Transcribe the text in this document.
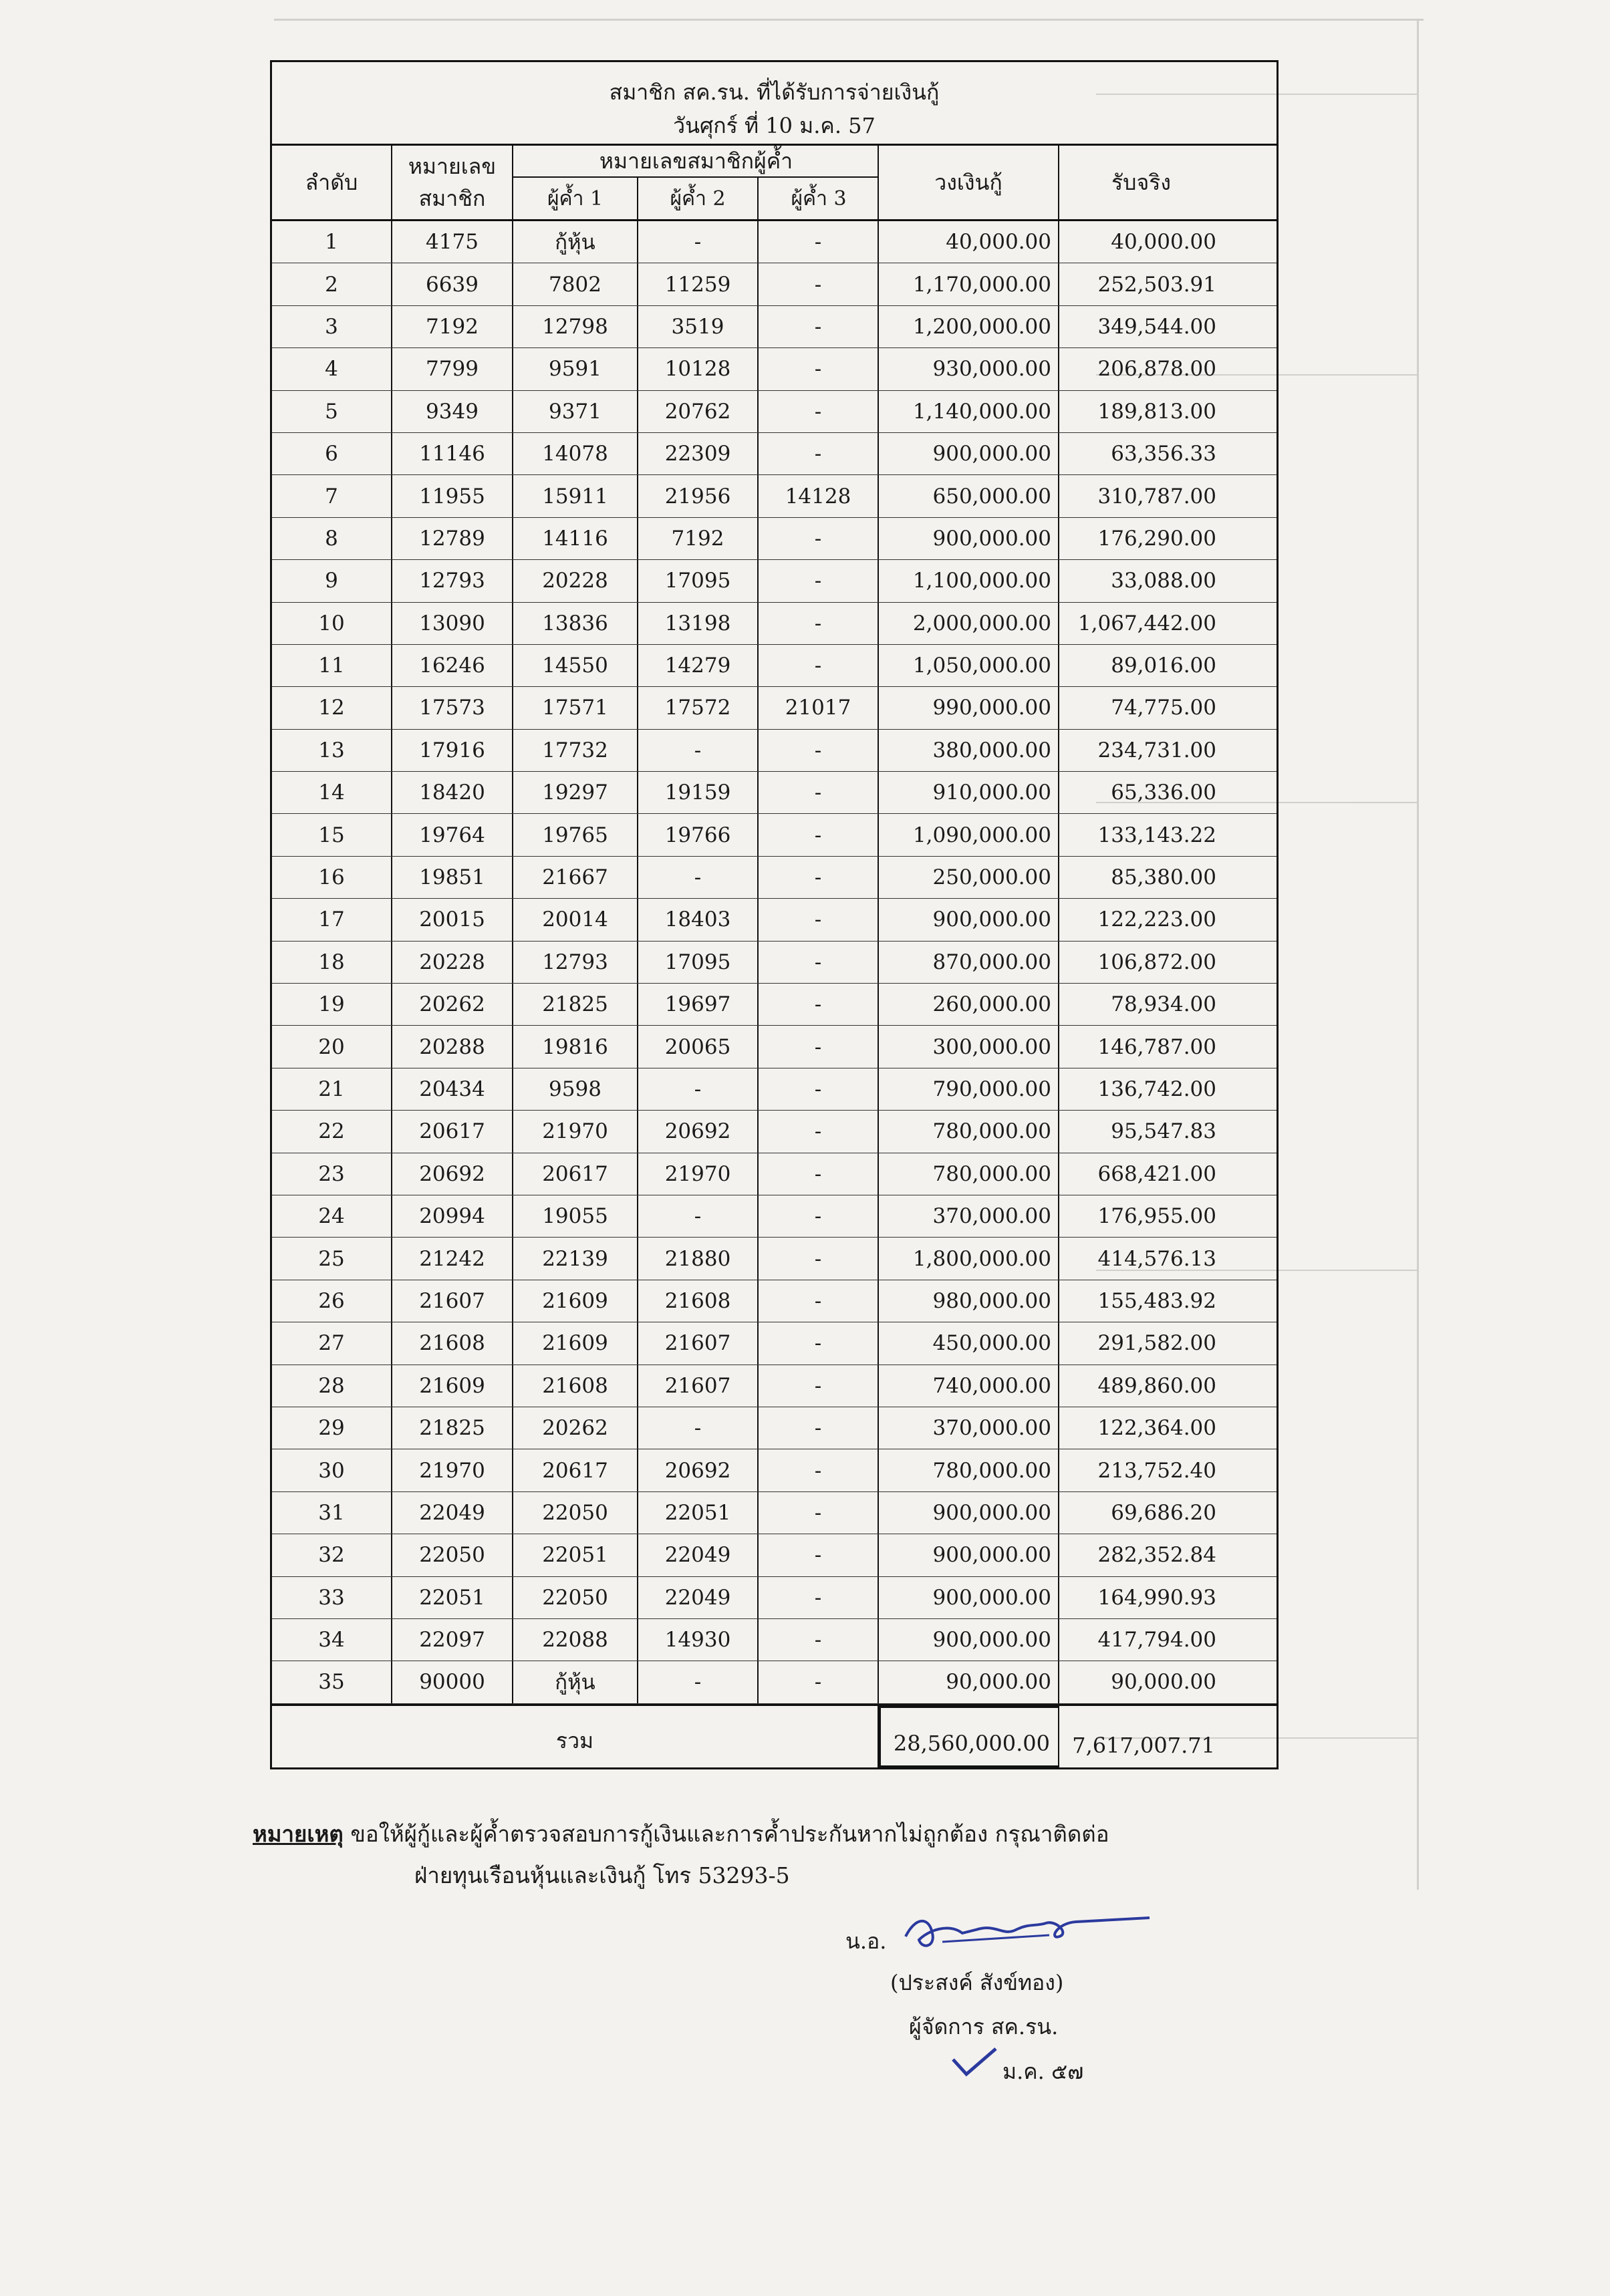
สมาชิก สค.รน. ที่ได้รับการจ่ายเงินกู้
วันศุกร์ ที่ 10 ม.ค. 57
ลำดับ
หมายเลข
สมาชิก
หมายเลขสมาชิกผู้ค้ำ
ผู้ค้ำ 1	ผู้ค้ำ 2	ผู้ค้ำ 3
วงเงินกู้	รับจริง
1	4175	กู้หุ้น	-	-	40,000.00	40,000.00
2	6639	7802	11259	-	1,170,000.00	252,503.91
3	7192	12798	3519	-	1,200,000.00	349,544.00
4	7799	9591	10128	-	930,000.00	206,878.00
5	9349	9371	20762	-	1,140,000.00	189,813.00
6	11146	14078	22309	-	900,000.00	63,356.33
7	11955	15911	21956	14128	650,000.00	310,787.00
8	12789	14116	7192	-	900,000.00	176,290.00
9	12793	20228	17095	-	1,100,000.00	33,088.00
10	13090	13836	13198	-	2,000,000.00	1,067,442.00
11	16246	14550	14279	-	1,050,000.00	89,016.00
12	17573	17571	17572	21017	990,000.00	74,775.00
13	17916	17732	-	-	380,000.00	234,731.00
14	18420	19297	19159	-	910,000.00	65,336.00
15	19764	19765	19766	-	1,090,000.00	133,143.22
16	19851	21667	-	-	250,000.00	85,380.00
17	20015	20014	18403	-	900,000.00	122,223.00
18	20228	12793	17095	-	870,000.00	106,872.00
19	20262	21825	19697	-	260,000.00	78,934.00
20	20288	19816	20065	-	300,000.00	146,787.00
21	20434	9598	-	-	790,000.00	136,742.00
22	20617	21970	20692	-	780,000.00	95,547.83
23	20692	20617	21970	-	780,000.00	668,421.00
24	20994	19055	-	-	370,000.00	176,955.00
25	21242	22139	21880	-	1,800,000.00	414,576.13
26	21607	21609	21608	-	980,000.00	155,483.92
27	21608	21609	21607	-	450,000.00	291,582.00
28	21609	21608	21607	-	740,000.00	489,860.00
29	21825	20262	-	-	370,000.00	122,364.00
30	21970	20617	20692	-	780,000.00	213,752.40
31	22049	22050	22051	-	900,000.00	69,686.20
32	22050	22051	22049	-	900,000.00	282,352.84
33	22051	22050	22049	-	900,000.00	164,990.93
34	22097	22088	14930	-	900,000.00	417,794.00
35	90000	กู้หุ้น	-	-	90,000.00	90,000.00
รวม	28,560,000.00	7,617,007.71
หมายเหตุ ขอให้ผู้กู้และผู้ค้ำตรวจสอบการกู้เงินและการค้ำประกันหากไม่ถูกต้อง กรุณาติดต่อ
ฝ่ายทุนเรือนหุ้นและเงินกู้ โทร 53293-5
น.อ.
(ประสงค์ สังข์ทอง)
ผู้จัดการ สค.รน.
ม.ค. ๕๗
